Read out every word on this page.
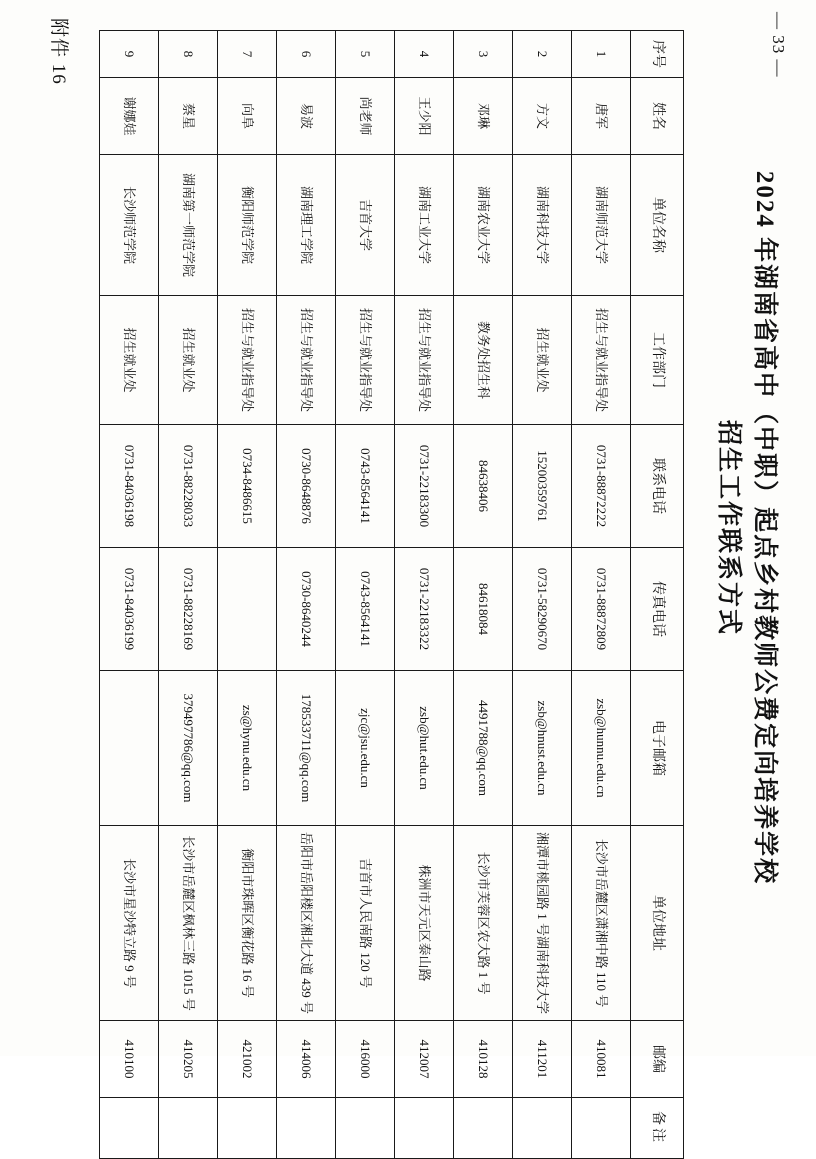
— 33 —
附件 16
2024 年湖南省高中（中职）起点乡村教师公费定向培养学校
招生工作联系方式
序号	姓名	单位名称	工作部门	联系电话	传真电话	电子邮箱	单位地址	邮编	备注
1	唐军	湖南师范大学	招生与就业指导处	0731-88872222	0731-88872809	zsb@hunnu.edu.cn	长沙市岳麓区潇湘中路 110 号	410081	
2	方文	湖南科技大学	招生就业处	15200359761	0731-58290670	zsb@hnust.edu.cn	湘潭市桃园路 1 号湖南科技大学	411201	
3	邓琳	湖南农业大学	教务处招生科	84638406	84618084	4491788@qq.com	长沙市芙蓉区农大路 1 号	410128	
4	王少阳	湖南工业大学	招生与就业指导处	0731-22183300	0731-22183322	zsb@hut.edu.cn	株洲市天元区泰山路	412007	
5	尚老师	吉首大学	招生与就业指导处	0743-8564141	0743-8564141	zjc@jsu.edu.cn	吉首市人民南路 120 号	416000	
6	易波	湖南理工学院	招生与就业指导处	0730-8648876	0730-8640244	178533711@qq.com	岳阳市岳阳楼区湘北大道 439 号	414006	
7	向阜	衡阳师范学院	招生与就业指导处	0734-8486615		zs@hynu.edu.cn	衡阳市珠晖区衡花路 16 号	421002	
8	蔡星	湖南第一师范学院	招生就业处	0731-88228033	0731-88228169	379497786@qq.com	长沙市岳麓区枫林三路 1015 号	410205	
9	谢娜娃	长沙师范学院	招生就业处	0731-84036198	0731-84036199		长沙市星沙特立路 9 号	410100	
